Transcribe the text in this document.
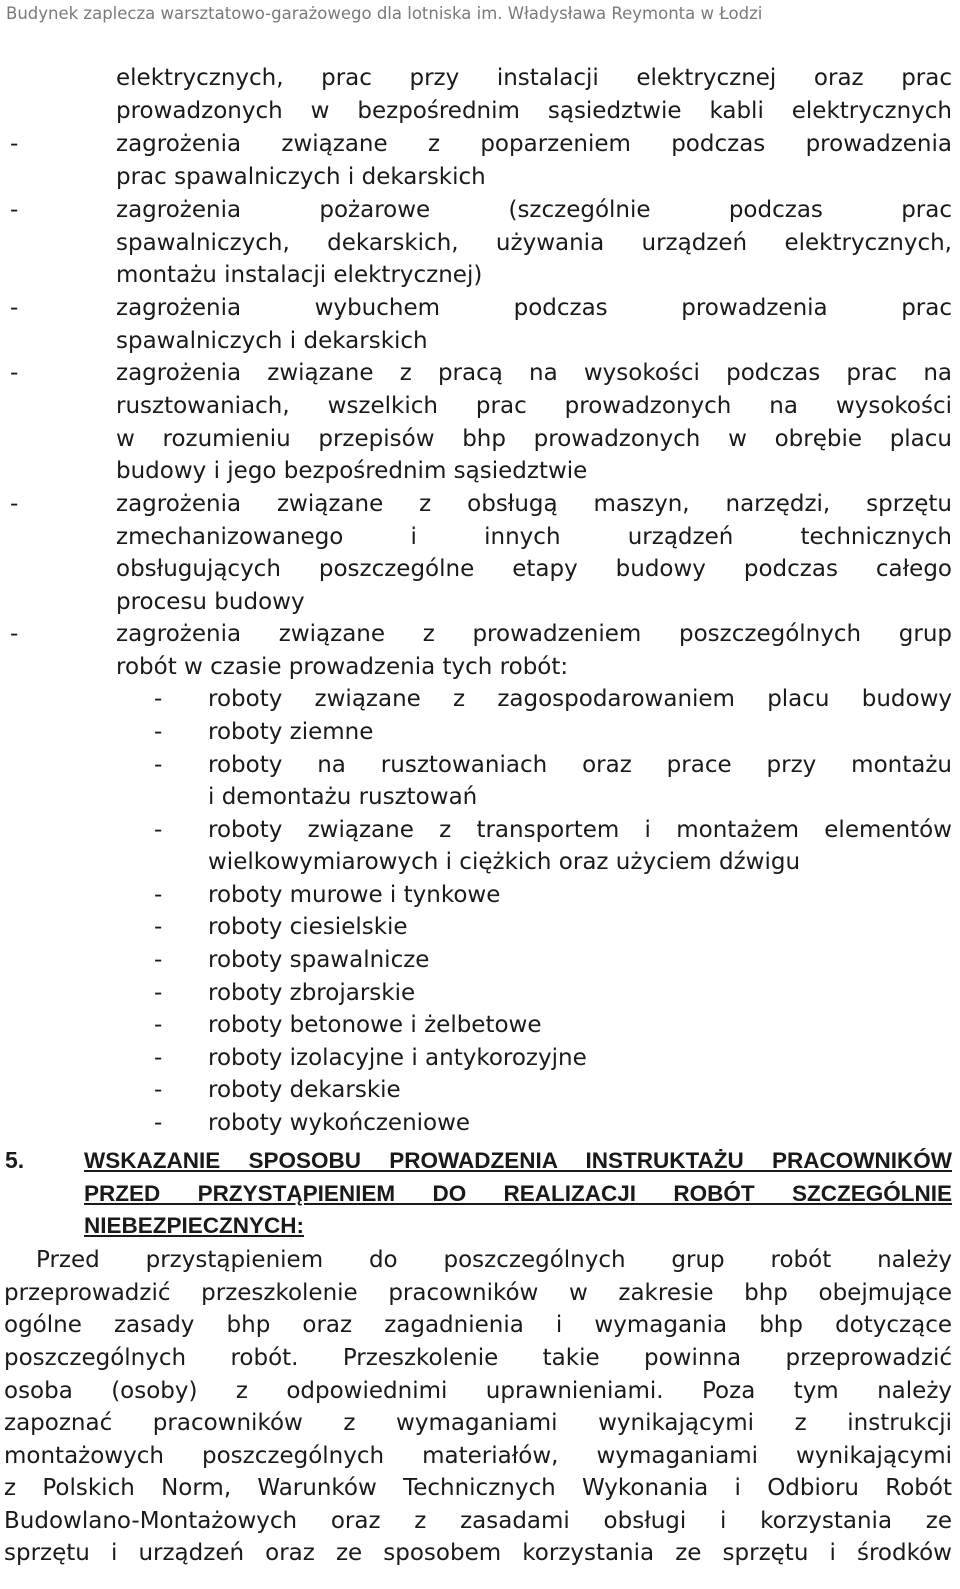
Budynek zaplecza warsztatowo-garażowego dla lotniska im. Władysława Reymonta w Łodzi
elektrycznych, prac przy instalacji elektrycznej oraz prac
prowadzonych w bezpośrednim sąsiedztwie kabli elektrycznych
-	zagrożenia związane z poparzeniem podczas prowadzenia
prac spawalniczych i dekarskich
-	zagrożenia pożarowe (szczególnie podczas prac
spawalniczych, dekarskich, używania urządzeń elektrycznych,
montażu instalacji elektrycznej)
-	zagrożenia wybuchem podczas prowadzenia prac
spawalniczych i dekarskich
-	zagrożenia związane z pracą na wysokości podczas prac na
rusztowaniach, wszelkich prac prowadzonych na wysokości
w rozumieniu przepisów bhp prowadzonych w obrębie placu
budowy i jego bezpośrednim sąsiedztwie
-	zagrożenia związane z obsługą maszyn, narzędzi, sprzętu
zmechanizowanego i innych urządzeń technicznych
obsługujących poszczególne etapy budowy podczas całego
procesu budowy
-	zagrożenia związane z prowadzeniem poszczególnych grup
robót w czasie prowadzenia tych robót:
- roboty związane z zagospodarowaniem placu budowy
- roboty ziemne
- roboty na rusztowaniach oraz prace przy montażu
i demontażu rusztowań
- roboty związane z transportem i montażem elementów
wielkowymiarowych i ciężkich oraz użyciem dźwigu
- roboty murowe i tynkowe
- roboty ciesielskie
- roboty spawalnicze
- roboty zbrojarskie
- roboty betonowe i żelbetowe
- roboty izolacyjne i antykorozyjne
- roboty dekarskie
- roboty wykończeniowe
5.	WSKAZANIE SPOSOBU PROWADZENIA INSTRUKTAŻU PRACOWNIKÓW
PRZED PRZYSTĄPIENIEM DO REALIZACJI ROBÓT SZCZEGÓLNIE
NIEBEZPIECZNYCH:
Przed przystąpieniem do poszczególnych grup robót należy
przeprowadzić przeszkolenie pracowników w zakresie bhp obejmujące
ogólne zasady bhp oraz zagadnienia i wymagania bhp dotyczące
poszczególnych robót. Przeszkolenie takie powinna przeprowadzić
osoba (osoby) z odpowiednimi uprawnieniami. Poza tym należy
zapoznać pracowników z wymaganiami wynikającymi z instrukcji
montażowych poszczególnych materiałów, wymaganiami wynikającymi
z Polskich Norm, Warunków Technicznych Wykonania i Odbioru Robót
Budowlano-Montażowych oraz z zasadami obsługi i korzystania ze
sprzętu i urządzeń oraz ze sposobem korzystania ze sprzętu i środków
